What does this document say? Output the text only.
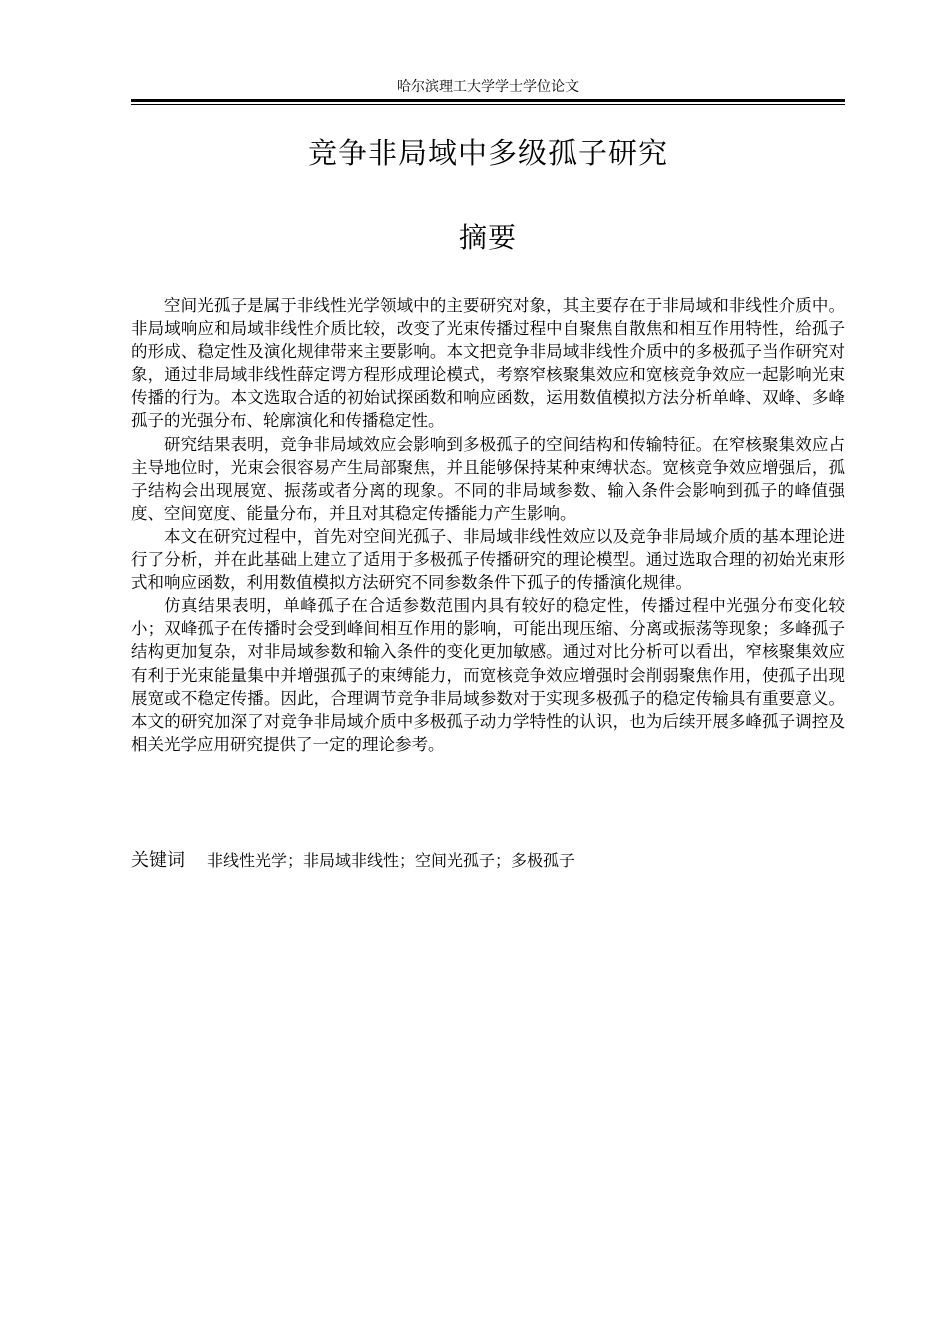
哈尔滨理工大学学士学位论文
竞争非局域中多级孤子研究
摘要

空间光孤子是属于非线性光学领域中的主要研究对象，其主要存在于非局域和非线性介质中。非局域响应和局域非线性介质比较，改变了光束传播过程中自聚焦自散焦和相互作用特性，给孤子的形成、稳定性及演化规律带来主要影响。本文把竞争非局域非线性介质中的多极孤子当作研究对象，通过非局域非线性薛定谔方程形成理论模式，考察窄核聚集效应和宽核竞争效应一起影响光束传播的行为。本文选取合适的初始试探函数和响应函数，运用数值模拟方法分析单峰、双峰、多峰孤子的光强分布、轮廓演化和传播稳定性。

研究结果表明，竞争非局域效应会影响到多极孤子的空间结构和传输特征。在窄核聚集效应占主导地位时，光束会很容易产生局部聚焦，并且能够保持某种束缚状态。宽核竞争效应增强后，孤子结构会出现展宽、振荡或者分离的现象。不同的非局域参数、输入条件会影响到孤子的峰值强度、空间宽度、能量分布，并且对其稳定传播能力产生影响。

本文在研究过程中，首先对空间光孤子、非局域非线性效应以及竞争非局域介质的基本理论进行了分析，并在此基础上建立了适用于多极孤子传播研究的理论模型。通过选取合理的初始光束形式和响应函数，利用数值模拟方法研究不同参数条件下孤子的传播演化规律。

仿真结果表明，单峰孤子在合适参数范围内具有较好的稳定性，传播过程中光强分布变化较小；双峰孤子在传播时会受到峰间相互作用的影响，可能出现压缩、分离或振荡等现象；多峰孤子结构更加复杂，对非局域参数和输入条件的变化更加敏感。通过对比分析可以看出，窄核聚集效应有利于光束能量集中并增强孤子的束缚能力，而宽核竞争效应增强时会削弱聚焦作用，使孤子出现展宽或不稳定传播。因此，合理调节竞争非局域参数对于实现多极孤子的稳定传输具有重要意义。本文的研究加深了对竞争非局域介质中多极孤子动力学特性的认识，也为后续开展多峰孤子调控及相关光学应用研究提供了一定的理论参考。

关键词 非线性光学；非局域非线性；空间光孤子；多极孤子
